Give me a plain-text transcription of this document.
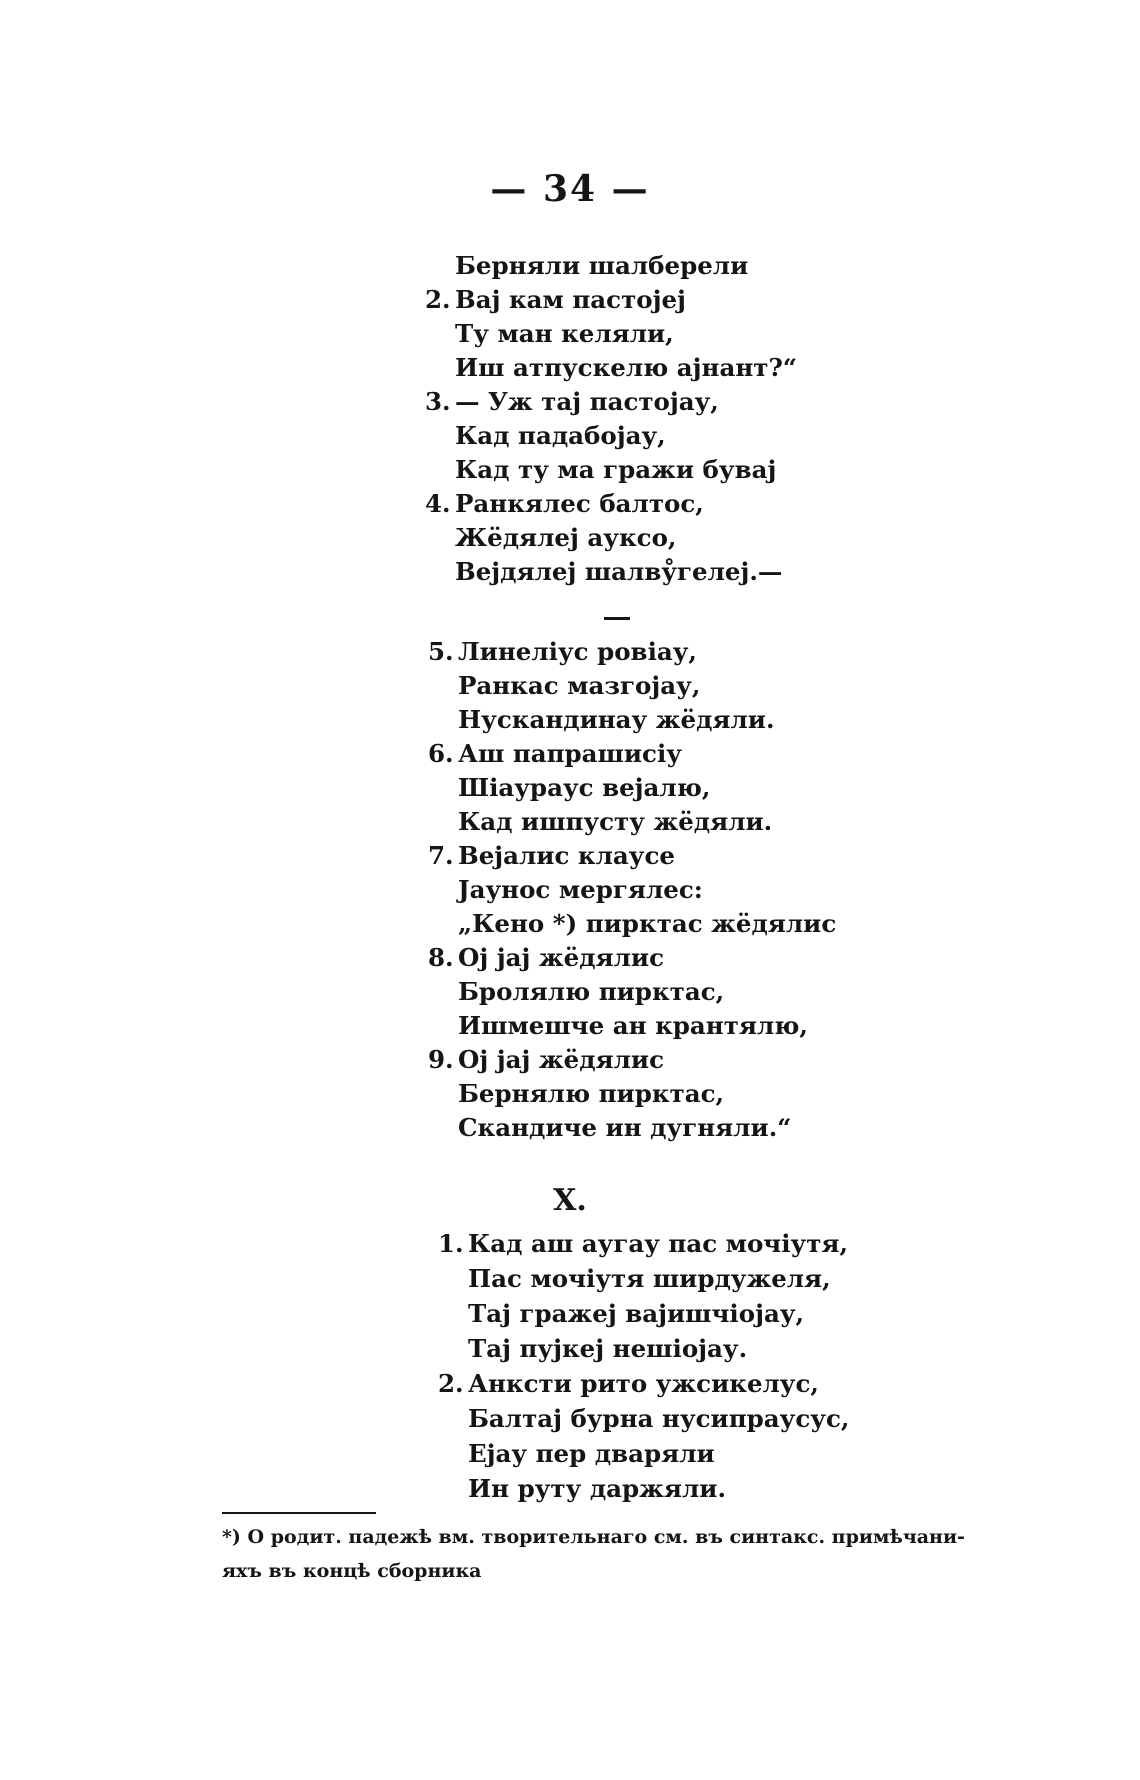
— 34 —
Берняли шалберели
2. Вај кам пастојеј
Ту ман келяли,
Иш атпускелю ајнант?“
3. — Уж тај пастојау,
Кад падабојау,
Кад ту ма гражи бувај
4. Ранкялес балтос,
Жёдялеј ауксо,
Вејдялеј шалву̊гелеј.—
5. Линелiус ровiау,
Ранкас мазгојау,
Нускандинау жёдяли.
6. Аш папрашисiу
Шiаураус вејалю,
Кад ишпусту жёдяли.
7. Вејалис клаусе
Јаунос мергялес:
„Кено *) пирктас жёдялис
8. Ој јај жёдялис
Бролялю пирктас,
Ишмешче ан крантялю,
9. Ој јај жёдялис
Бернялю пирктас,
Скандиче ин дугняли.“
X.
1. Кад аш аугау пас мочiутя,
Пас мочiутя ширдужеля,
Тај гражеј вајишчiојау,
Тај пујкеј нешiојау.
2. Анксти рито ужсикелус,
Балтај бурна нусипраусус,
Ејау пер дваряли
Ин руту даржяли.
*) О родит. падежѣ вм. творительнаго см. въ синтакс. примѣчани-
яхъ въ концѣ сборника
